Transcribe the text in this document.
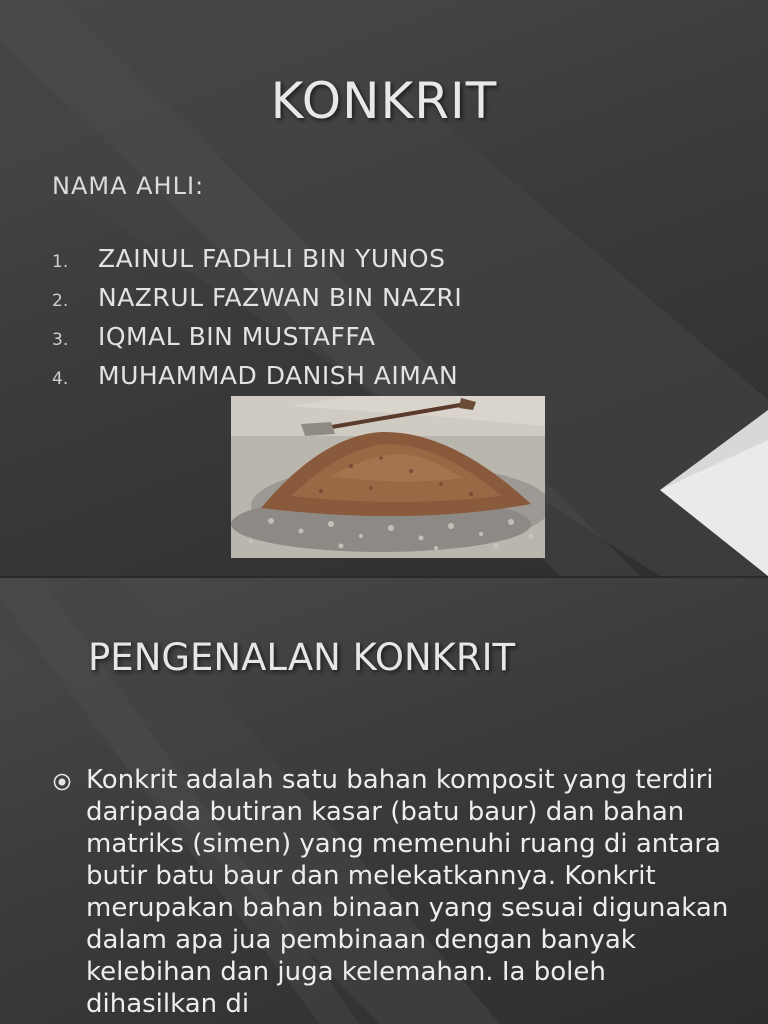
KONKRIT
NAMA AHLI:
1.	ZAINUL FADHLI BIN YUNOS
2.	NAZRUL FAZWAN BIN NAZRI
3.	IQMAL BIN MUSTAFFA
4.	MUHAMMAD DANISH AIMAN
PENGENALAN KONKRIT

Konkrit adalah satu bahan komposit yang terdiri daripada butiran kasar (batu baur) dan bahan matriks (simen) yang memenuhi ruang di antara butir batu baur dan melekatkannya. Konkrit merupakan bahan binaan yang sesuai digunakan dalam apa jua pembinaan dengan banyak kelebihan dan juga kelemahan. Ia boleh dihasilkan di
